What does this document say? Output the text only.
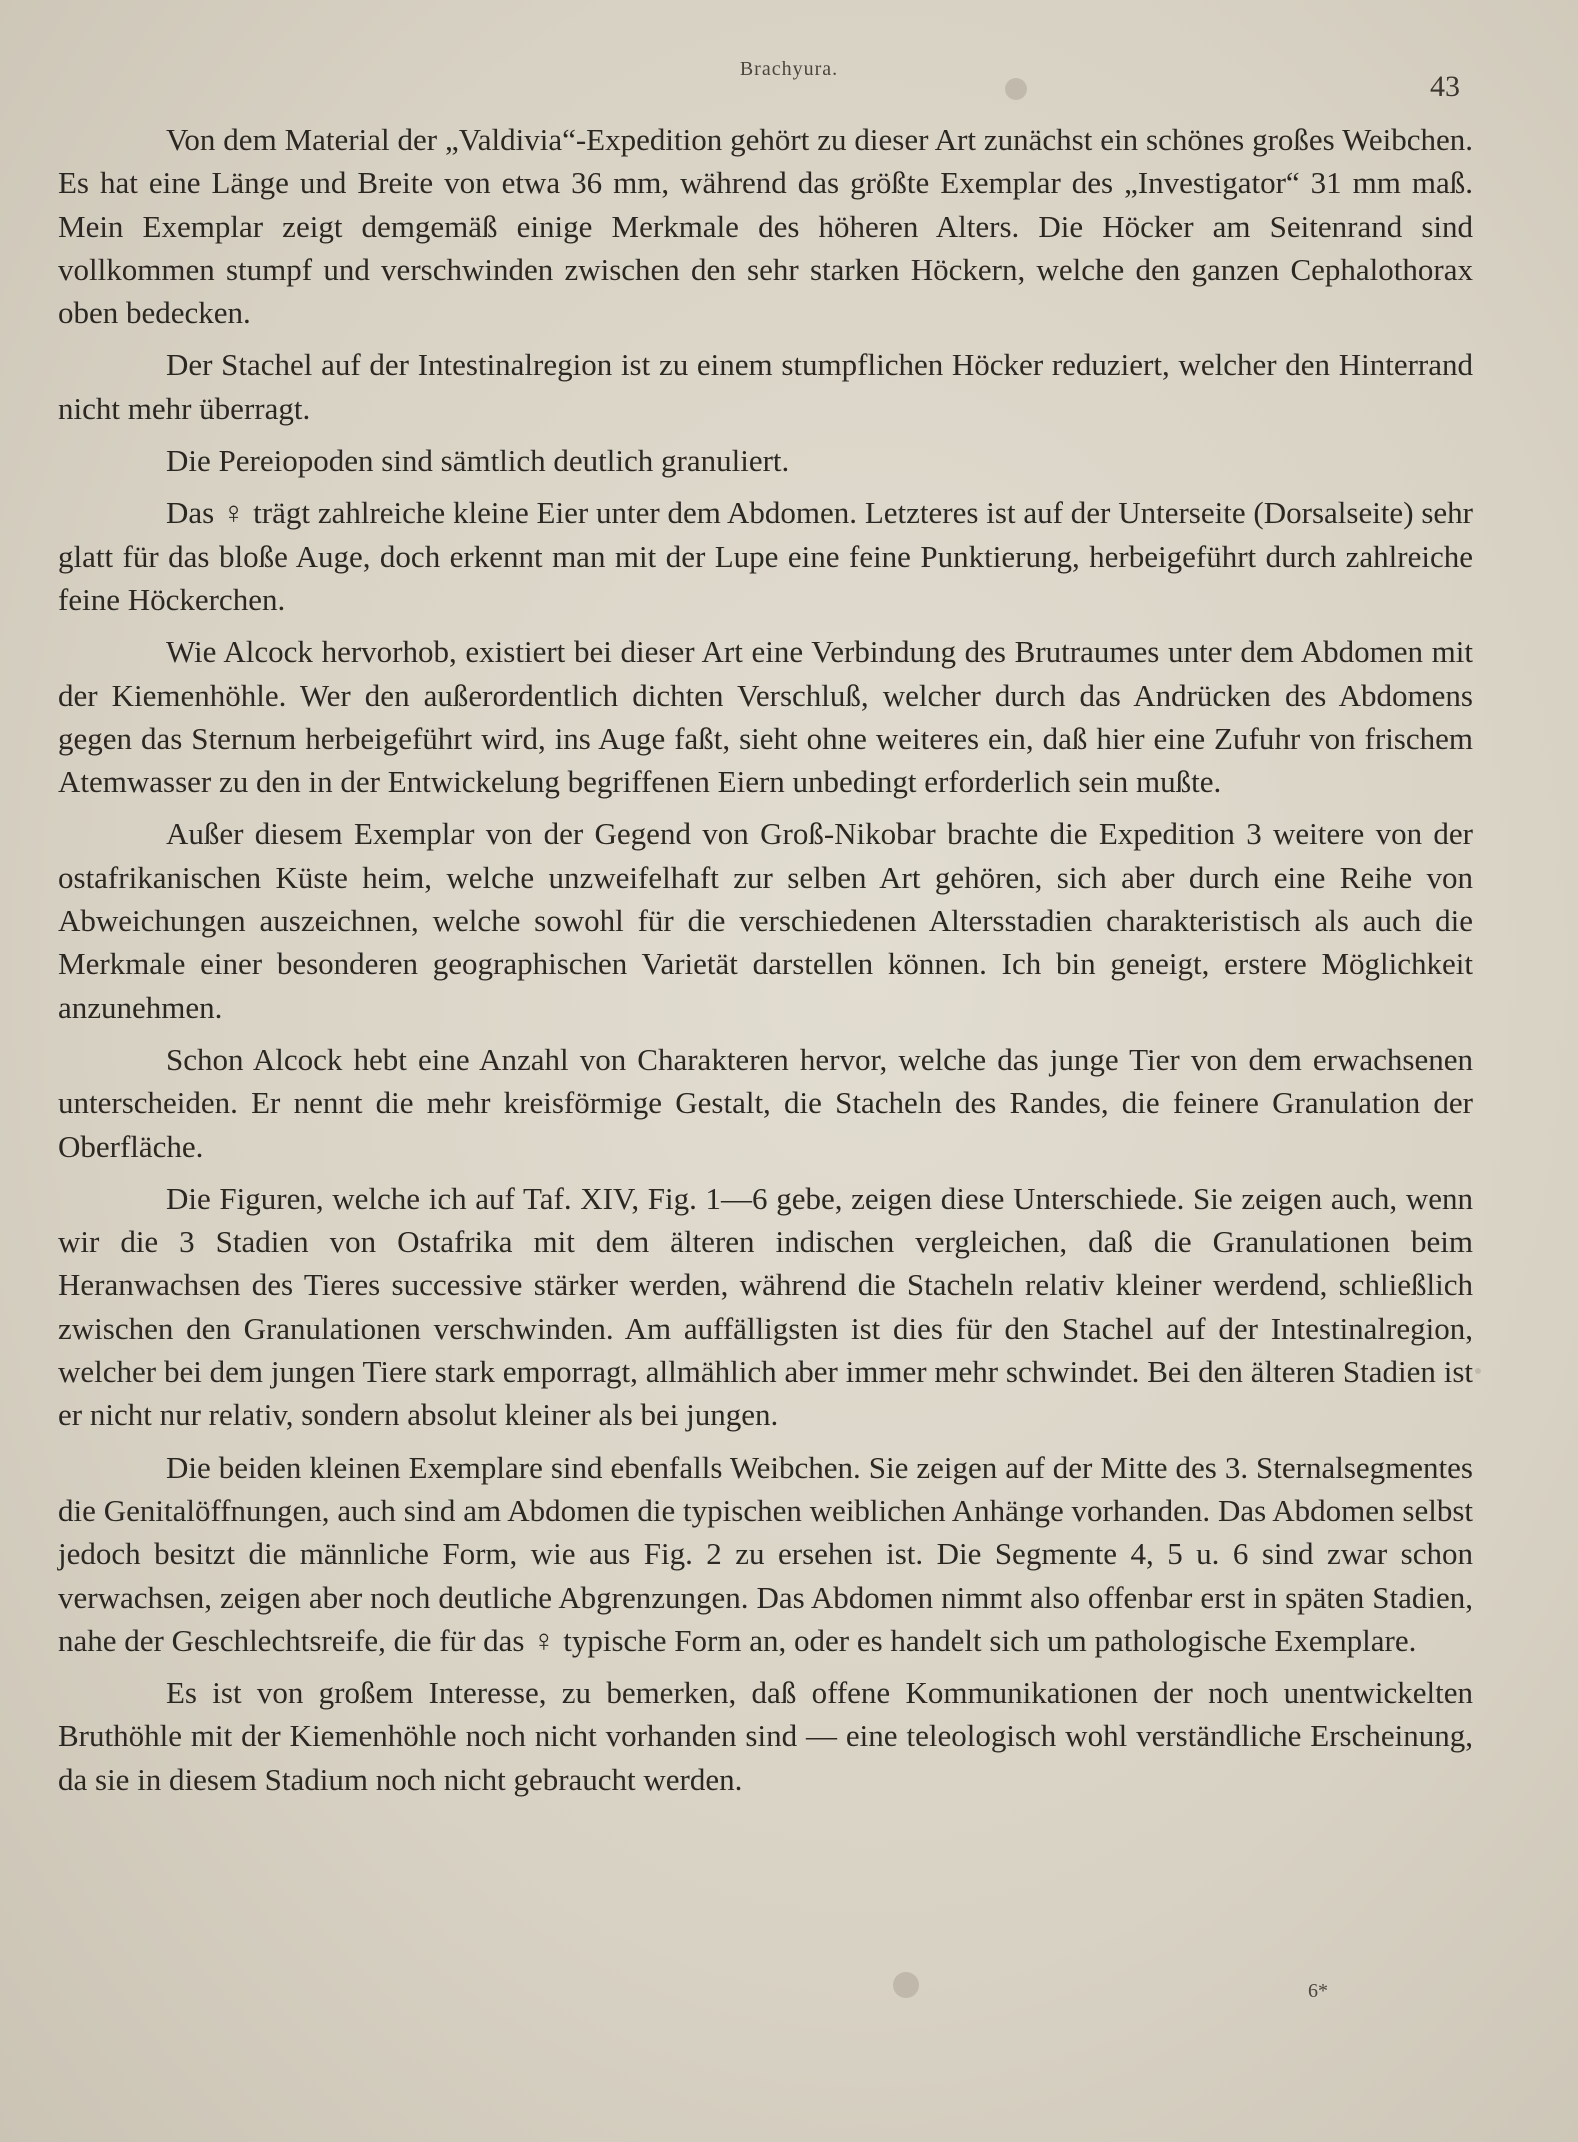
Brachyura.
43

Von dem Material der „Valdivia“-Expedition gehört zu dieser Art zunächst ein schönes großes Weibchen. Es hat eine Länge und Breite von etwa 36 mm, während das größte Exemplar des „Investigator“ 31 mm maß. Mein Exemplar zeigt demgemäß einige Merkmale des höheren Alters. Die Höcker am Seitenrand sind vollkommen stumpf und verschwinden zwischen den sehr starken Höckern, welche den ganzen Cephalothorax oben bedecken.

Der Stachel auf der Intestinalregion ist zu einem stumpflichen Höcker reduziert, welcher den Hinterrand nicht mehr überragt.

Die Pereiopoden sind sämtlich deutlich granuliert.

Das ♀ trägt zahlreiche kleine Eier unter dem Abdomen. Letzteres ist auf der Unterseite (Dorsalseite) sehr glatt für das bloße Auge, doch erkennt man mit der Lupe eine feine Punktierung, herbeigeführt durch zahlreiche feine Höckerchen.

Wie Alcock hervorhob, existiert bei dieser Art eine Verbindung des Brutraumes unter dem Abdomen mit der Kiemenhöhle. Wer den außerordentlich dichten Verschluß, welcher durch das Andrücken des Abdomens gegen das Sternum herbeigeführt wird, ins Auge faßt, sieht ohne weiteres ein, daß hier eine Zufuhr von frischem Atemwasser zu den in der Entwickelung begriffenen Eiern unbedingt erforderlich sein mußte.

Außer diesem Exemplar von der Gegend von Groß-Nikobar brachte die Expedition 3 weitere von der ostafrikanischen Küste heim, welche unzweifelhaft zur selben Art gehören, sich aber durch eine Reihe von Abweichungen auszeichnen, welche sowohl für die verschiedenen Altersstadien charakteristisch als auch die Merkmale einer besonderen geographischen Varietät darstellen können. Ich bin geneigt, erstere Möglichkeit anzunehmen.

Schon Alcock hebt eine Anzahl von Charakteren hervor, welche das junge Tier von dem erwachsenen unterscheiden. Er nennt die mehr kreisförmige Gestalt, die Stacheln des Randes, die feinere Granulation der Oberfläche.

Die Figuren, welche ich auf Taf. XIV, Fig. 1—6 gebe, zeigen diese Unterschiede. Sie zeigen auch, wenn wir die 3 Stadien von Ostafrika mit dem älteren indischen vergleichen, daß die Granulationen beim Heranwachsen des Tieres successive stärker werden, während die Stacheln relativ kleiner werdend, schließlich zwischen den Granulationen verschwinden. Am auffälligsten ist dies für den Stachel auf der Intestinalregion, welcher bei dem jungen Tiere stark emporragt, allmählich aber immer mehr schwindet. Bei den älteren Stadien ist er nicht nur relativ, sondern absolut kleiner als bei jungen.

Die beiden kleinen Exemplare sind ebenfalls Weibchen. Sie zeigen auf der Mitte des 3. Sternalsegmentes die Genitalöffnungen, auch sind am Abdomen die typischen weiblichen Anhänge vorhanden. Das Abdomen selbst jedoch besitzt die männliche Form, wie aus Fig. 2 zu ersehen ist. Die Segmente 4, 5 u. 6 sind zwar schon verwachsen, zeigen aber noch deutliche Abgrenzungen. Das Abdomen nimmt also offenbar erst in späten Stadien, nahe der Geschlechtsreife, die für das ♀ typische Form an, oder es handelt sich um pathologische Exemplare.

Es ist von großem Interesse, zu bemerken, daß offene Kommunikationen der noch unentwickelten Bruthöhle mit der Kiemenhöhle noch nicht vorhanden sind — eine teleologisch wohl verständliche Erscheinung, da sie in diesem Stadium noch nicht gebraucht werden.

6*
